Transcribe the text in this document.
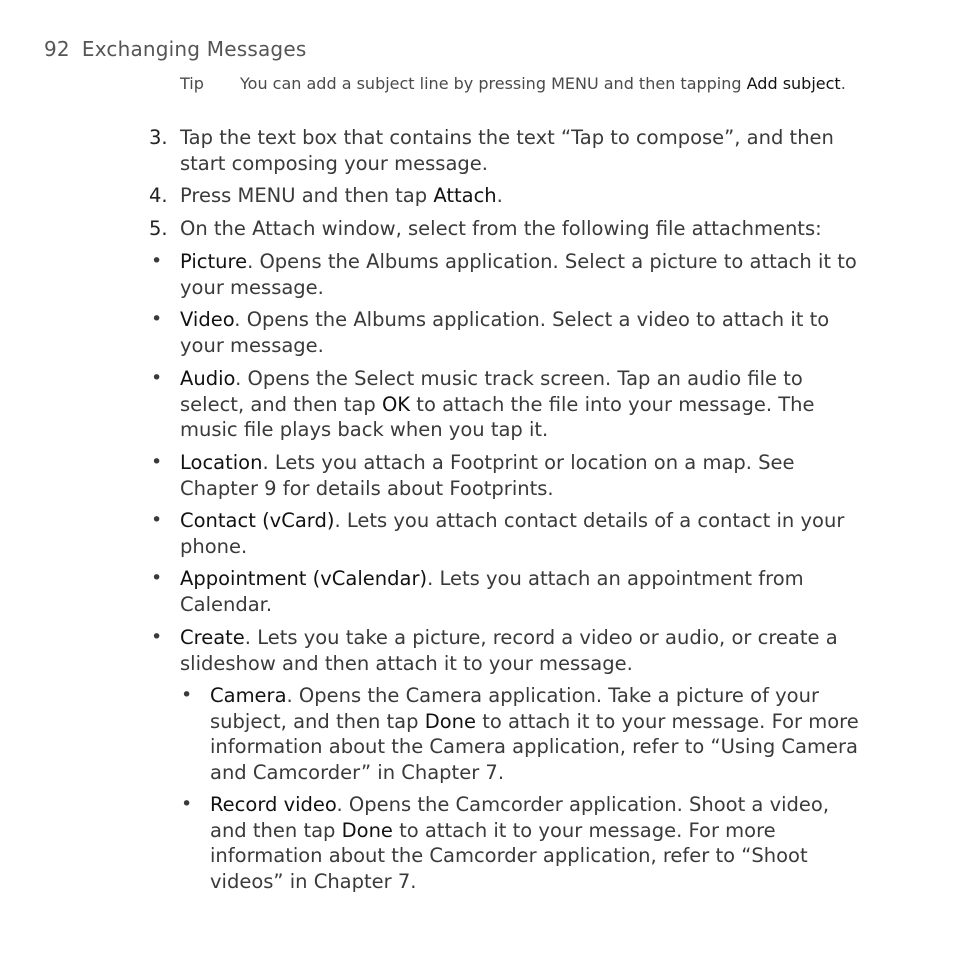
92 Exchanging Messages
Tip You can add a subject line by pressing MENU and then tapping Add subject.
3. Tap the text box that contains the text “Tap to compose”, and then start composing your message.
4. Press MENU and then tap Attach.
5. On the Attach window, select from the following file attachments:
• Picture. Opens the Albums application. Select a picture to attach it to your message.
• Video. Opens the Albums application. Select a video to attach it to your message.
• Audio. Opens the Select music track screen. Tap an audio file to select, and then tap OK to attach the file into your message. The music file plays back when you tap it.
• Location. Lets you attach a Footprint or location on a map. See Chapter 9 for details about Footprints.
• Contact (vCard). Lets you attach contact details of a contact in your phone.
• Appointment (vCalendar). Lets you attach an appointment from Calendar.
• Create. Lets you take a picture, record a video or audio, or create a slideshow and then attach it to your message.
• Camera. Opens the Camera application. Take a picture of your subject, and then tap Done to attach it to your message. For more information about the Camera application, refer to “Using Camera and Camcorder” in Chapter 7.
• Record video. Opens the Camcorder application. Shoot a video, and then tap Done to attach it to your message. For more information about the Camcorder application, refer to “Shoot videos” in Chapter 7.
